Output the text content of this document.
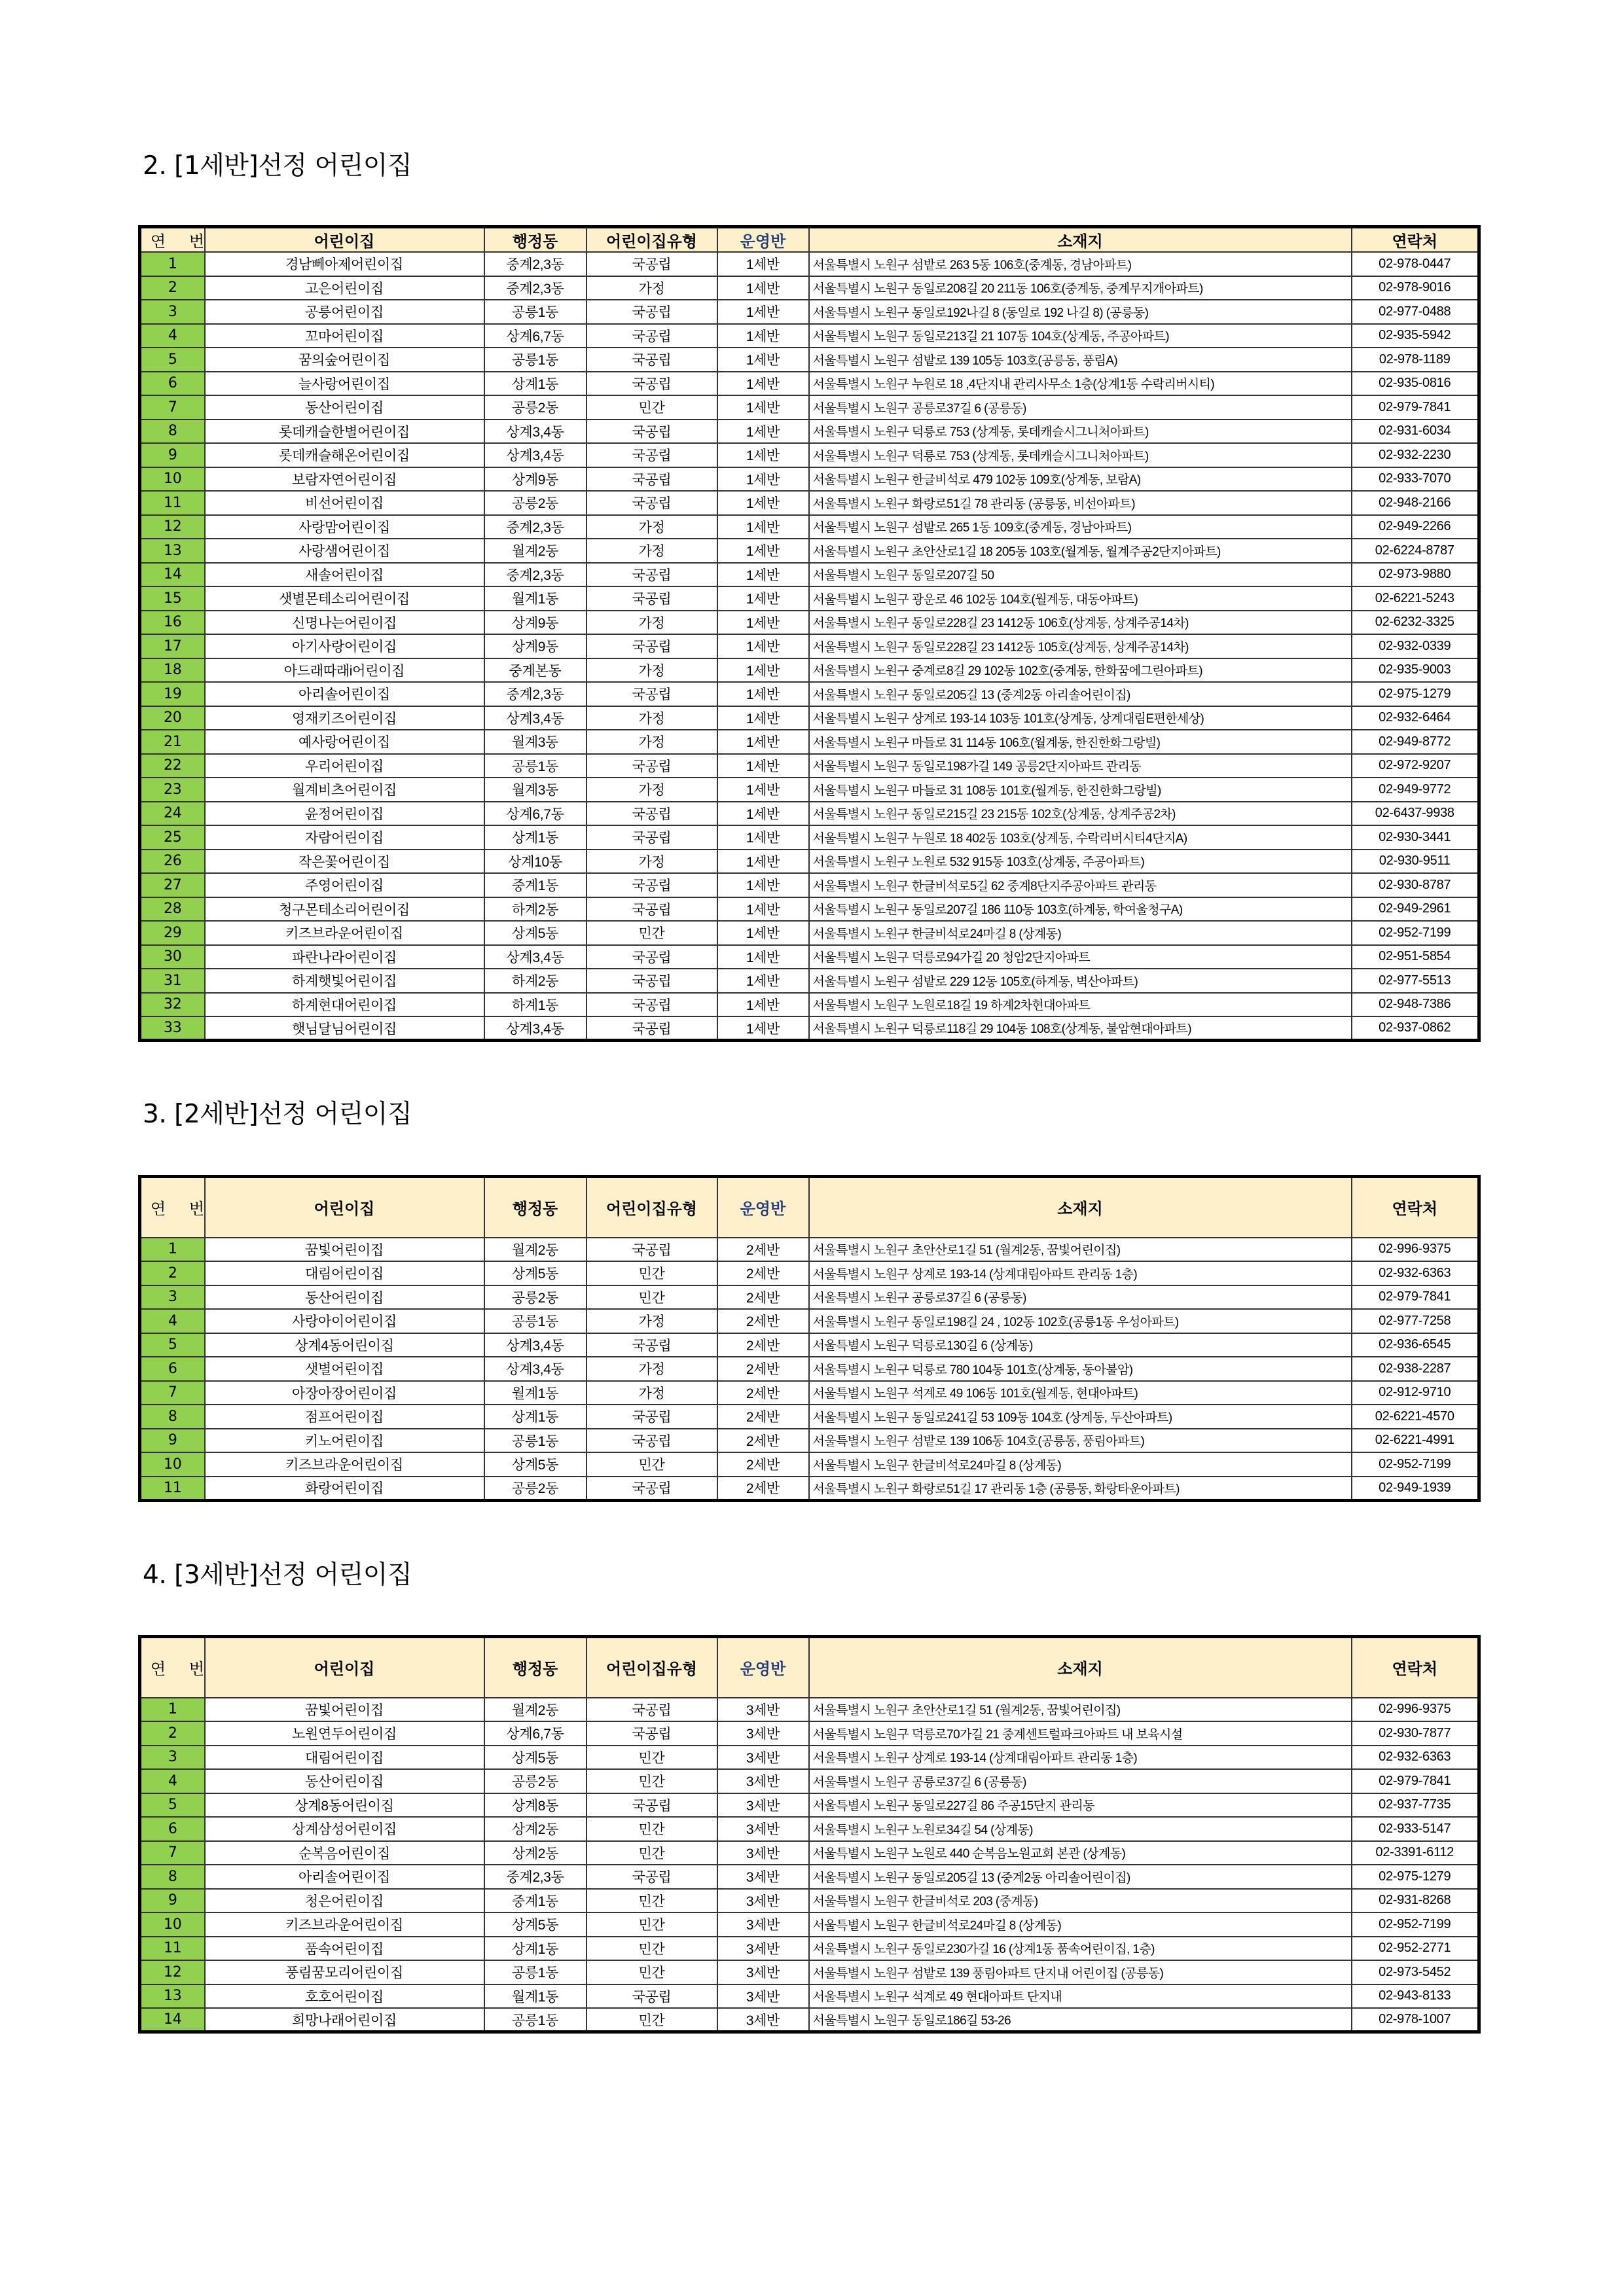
2. [1세반]선정 어린이집
연 번	어린이집	행정동	어린이집유형	운영반	소재지	연락처
1	경남뻬아제어린이집	중계2,3동	국공립	1세반	서울특별시 노원구 섬밭로 263 5동 106호(중계동, 경남아파트)	02-978-0447
2	고은어린이집	중계2,3동	가정	1세반	서울특별시 노원구 동일로208길 20 211동 106호(중계동, 중계무지개아파트)	02-978-9016
3	공릉어린이집	공릉1동	국공립	1세반	서울특별시 노원구 동일로192나길 8 (동일로 192 나길 8) (공릉동)	02-977-0488
4	꼬마어린이집	상계6,7동	국공립	1세반	서울특별시 노원구 동일로213길 21 107동 104호(상계동, 주공아파트)	02-935-5942
5	꿈의숲어린이집	공릉1동	국공립	1세반	서울특별시 노원구 섬밭로 139 105동 103호(공릉동, 풍림A)	02-978-1189
6	늘사랑어린이집	상계1동	국공립	1세반	서울특별시 노원구 누원로 18 ,4단지내 관리사무소 1층(상계1동 수락리버시티)	02-935-0816
7	동산어린이집	공릉2동	민간	1세반	서울특별시 노원구 공릉로37길 6 (공릉동)	02-979-7841
8	롯데캐슬한별어린이집	상계3,4동	국공립	1세반	서울특별시 노원구 덕릉로 753 (상계동, 롯데캐슬시그니처아파트)	02-931-6034
9	롯데캐슬해온어린이집	상계3,4동	국공립	1세반	서울특별시 노원구 덕릉로 753 (상계동, 롯데캐슬시그니처아파트)	02-932-2230
10	보람자연어린이집	상계9동	국공립	1세반	서울특별시 노원구 한글비석로 479 102동 109호(상계동, 보람A)	02-933-7070
11	비선어린이집	공릉2동	국공립	1세반	서울특별시 노원구 화랑로51길 78 관리동 (공릉동, 비선아파트)	02-948-2166
12	사랑맘어린이집	중계2,3동	가정	1세반	서울특별시 노원구 섬밭로 265 1동 109호(중계동, 경남아파트)	02-949-2266
13	사랑샘어린이집	월계2동	가정	1세반	서울특별시 노원구 초안산로1길 18 205동 103호(월계동, 월계주공2단지아파트)	02-6224-8787
14	새솔어린이집	중계2,3동	국공립	1세반	서울특별시 노원구 동일로207길 50	02-973-9880
15	샛별몬테소리어린이집	월계1동	국공립	1세반	서울특별시 노원구 광운로 46 102동 104호(월계동, 대동아파트)	02-6221-5243
16	신명나는어린이집	상계9동	가정	1세반	서울특별시 노원구 동일로228길 23 1412동 106호(상계동, 상계주공14차)	02-6232-3325
17	아기사랑어린이집	상계9동	국공립	1세반	서울특별시 노원구 동일로228길 23 1412동 105호(상계동, 상계주공14차)	02-932-0339
18	아드래따래i어린이집	중계본동	가정	1세반	서울특별시 노원구 중계로8길 29 102동 102호(중계동, 한화꿈에그린아파트)	02-935-9003
19	아리솔어린이집	중계2,3동	국공립	1세반	서울특별시 노원구 동일로205길 13 (중계2동 아리솔어린이집)	02-975-1279
20	영재키즈어린이집	상계3,4동	가정	1세반	서울특별시 노원구 상계로 193-14 103동 101호(상계동, 상계대림E편한세상)	02-932-6464
21	예사랑어린이집	월계3동	가정	1세반	서울특별시 노원구 마들로 31 114동 106호(월계동, 한진한화그랑빌)	02-949-8772
22	우리어린이집	공릉1동	국공립	1세반	서울특별시 노원구 동일로198가길 149 공릉2단지아파트 관리동	02-972-9207
23	월계비츠어린이집	월계3동	가정	1세반	서울특별시 노원구 마들로 31 108동 101호(월계동, 한진한화그랑빌)	02-949-9772
24	윤정어린이집	상계6,7동	국공립	1세반	서울특별시 노원구 동일로215길 23 215동 102호(상계동, 상계주공2차)	02-6437-9938
25	자람어린이집	상계1동	국공립	1세반	서울특별시 노원구 누원로 18 402동 103호(상계동, 수락리버시티4단지A)	02-930-3441
26	작은꽃어린이집	상계10동	가정	1세반	서울특별시 노원구 노원로 532 915동 103호(상계동, 주공아파트)	02-930-9511
27	주영어린이집	중계1동	국공립	1세반	서울특별시 노원구 한글비석로5길 62 중계8단지주공아파트 관리동	02-930-8787
28	청구몬테소리어린이집	하계2동	국공립	1세반	서울특별시 노원구 동일로207길 186 110동 103호(하계동, 학여울청구A)	02-949-2961
29	키즈브라운어린이집	상계5동	민간	1세반	서울특별시 노원구 한글비석로24마길 8 (상계동)	02-952-7199
30	파란나라어린이집	상계3,4동	국공립	1세반	서울특별시 노원구 덕릉로94가길 20 청암2단지아파트	02-951-5854
31	하계햇빛어린이집	하계2동	국공립	1세반	서울특별시 노원구 섬밭로 229 12동 105호(하계동, 벽산아파트)	02-977-5513
32	하계현대어린이집	하계1동	국공립	1세반	서울특별시 노원구 노원로18길 19 하계2차현대아파트	02-948-7386
33	햇님달님어린이집	상계3,4동	국공립	1세반	서울특별시 노원구 덕릉로118길 29 104동 108호(상계동, 불암현대아파트)	02-937-0862
3. [2세반]선정 어린이집
연 번	어린이집	행정동	어린이집유형	운영반	소재지	연락처
1	꿈빛어린이집	월계2동	국공립	2세반	서울특별시 노원구 초안산로1길 51 (월계2동, 꿈빛어린이집)	02-996-9375
2	대림어린이집	상계5동	민간	2세반	서울특별시 노원구 상계로 193-14 (상계대림아파트 관리동 1층)	02-932-6363
3	동산어린이집	공릉2동	민간	2세반	서울특별시 노원구 공릉로37길 6 (공릉동)	02-979-7841
4	사랑아이어린이집	공릉1동	가정	2세반	서울특별시 노원구 동일로198길 24 , 102동 102호(공릉1동 우성아파트)	02-977-7258
5	상계4동어린이집	상계3,4동	국공립	2세반	서울특별시 노원구 덕릉로130길 6 (상계동)	02-936-6545
6	샛별어린이집	상계3,4동	가정	2세반	서울특별시 노원구 덕릉로 780 104동 101호(상계동, 동아불암)	02-938-2287
7	아장아장어린이집	월계1동	가정	2세반	서울특별시 노원구 석계로 49 106동 101호(월계동, 현대아파트)	02-912-9710
8	점프어린이집	상계1동	국공립	2세반	서울특별시 노원구 동일로241길 53 109동 104호 (상계동, 두산아파트)	02-6221-4570
9	키노어린이집	공릉1동	국공립	2세반	서울특별시 노원구 섬밭로 139 106동 104호(공릉동, 풍림아파트)	02-6221-4991
10	키즈브라운어린이집	상계5동	민간	2세반	서울특별시 노원구 한글비석로24마길 8 (상계동)	02-952-7199
11	화랑어린이집	공릉2동	국공립	2세반	서울특별시 노원구 화랑로51길 17 관리동 1층 (공릉동, 화랑타운아파트)	02-949-1939
4. [3세반]선정 어린이집
연 번	어린이집	행정동	어린이집유형	운영반	소재지	연락처
1	꿈빛어린이집	월계2동	국공립	3세반	서울특별시 노원구 초안산로1길 51 (월계2동, 꿈빛어린이집)	02-996-9375
2	노원연두어린이집	상계6,7동	국공립	3세반	서울특별시 노원구 덕릉로70가길 21 중계센트럴파크아파트 내 보육시설	02-930-7877
3	대림어린이집	상계5동	민간	3세반	서울특별시 노원구 상계로 193-14 (상계대림아파트 관리동 1층)	02-932-6363
4	동산어린이집	공릉2동	민간	3세반	서울특별시 노원구 공릉로37길 6 (공릉동)	02-979-7841
5	상계8동어린이집	상계8동	국공립	3세반	서울특별시 노원구 동일로227길 86 주공15단지 관리동	02-937-7735
6	상계삼성어린이집	상계2동	민간	3세반	서울특별시 노원구 노원로34길 54 (상계동)	02-933-5147
7	순복음어린이집	상계2동	민간	3세반	서울특별시 노원구 노원로 440 순복음노원교회 본관 (상계동)	02-3391-6112
8	아리솔어린이집	중계2,3동	국공립	3세반	서울특별시 노원구 동일로205길 13 (중계2동 아리솔어린이집)	02-975-1279
9	청은어린이집	중계1동	민간	3세반	서울특별시 노원구 한글비석로 203 (중계동)	02-931-8268
10	키즈브라운어린이집	상계5동	민간	3세반	서울특별시 노원구 한글비석로24마길 8 (상계동)	02-952-7199
11	품속어린이집	상계1동	민간	3세반	서울특별시 노원구 동일로230가길 16 (상계1동 품속어린이집, 1층)	02-952-2771
12	풍림꿈모리어린이집	공릉1동	민간	3세반	서울특별시 노원구 섬밭로 139 풍림아파트 단지내 어린이집 (공릉동)	02-973-5452
13	호호어린이집	월계1동	국공립	3세반	서울특별시 노원구 석계로 49 현대아파트 단지내	02-943-8133
14	희망나래어린이집	공릉1동	민간	3세반	서울특별시 노원구 동일로186길 53-26	02-978-1007
